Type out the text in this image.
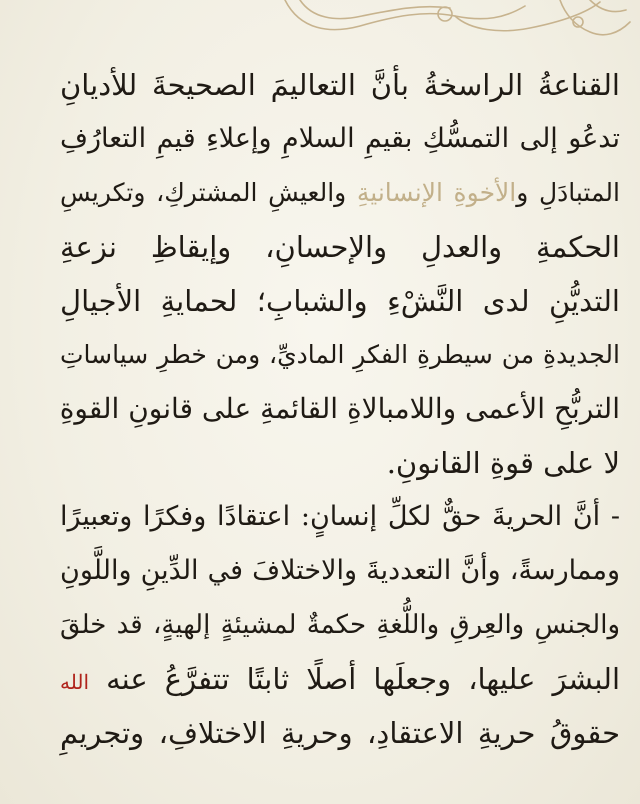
القناعةُ الراسخةُ بأنَّ التعاليمَ الصحيحةَ للأديانِ
تدعُو إلى التمسُّكِ بقيمِ السلامِ وإعلاءِ قيمِ التعارُفِ
المتبادَلِ والأخوةِ الإنسانيةِ والعيشِ المشتركِ، وتكريسِ
الحكمةِ والعدلِ والإحسانِ، وإيقاظِ نزعةِ
التديُّنِ لدى النَّشْءِ والشبابِ؛ لحمايةِ الأجيالِ
الجديدةِ من سيطرةِ الفكرِ الماديِّ، ومن خطرِ سياساتِ
التربُّحِ الأعمى واللامبالاةِ القائمةِ على قانونِ القوةِ
لا على قوةِ القانونِ.
- أنَّ الحريةَ حقٌّ لكلِّ إنسانٍ: اعتقادًا وفكرًا وتعبيرًا
وممارسةً، وأنَّ التعدديةَ والاختلافَ في الدِّينِ واللَّونِ
والجنسِ والعِرقِ واللُّغةِ حكمةٌ لمشيئةٍ إلهيةٍ، قد خلقَ
البشرَ عليها، وجعلَها أصلًا ثابتًا تتفرَّعُ عنه الله
حقوقُ حريةِ الاعتقادِ، وحريةِ الاختلافِ، وتجريمِ
